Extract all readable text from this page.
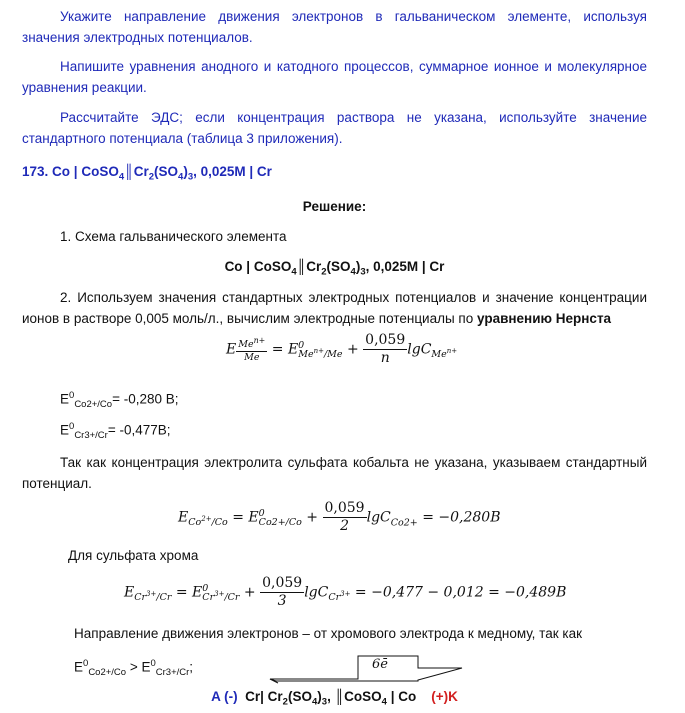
Укажите направление движения электронов в гальваническом элементе, используя значения электродных потенциалов.
Напишите уравнения анодного и катодного процессов, суммарное ионное и молекулярное уравнения реакции.
Рассчитайте ЭДС; если концентрация раствора не указана, используйте значение стандартного потенциала (таблица 3 приложения).
173. Co | $CoSO_4║Cr_2(SO_4)_3$, 0,025M | Cr
Решение:
1. Схема гальванического элемента
Co | $CoSO_4║Cr_2(SO_4)_3$, 0,025M | Cr
2. Используем значения стандартных электродных потенциалов и значение концентрации ионов в растворе 0,005 моль/л., вычислим электродные потенциалы по уравнению Нернста
E $\frac{Me^{n+}}{Me} = E^0_{Me^{n+}/Me} + \frac{0,059}{n} \lg C_{Me^{n+}}$
$E^0_{Co2+/Co}= -0,280$ В;
$E^0_{Cr3+/Cr}= -0,477В$;
Так как концентрация электролита сульфата кобальта не указана, указываем стандартный потенциал.
$E_{Co^{2+}/Co} = E^0_{Co2+/Co} + \frac{0,059}{2} \lg C_{Co2+} = -0,280B$
Для сульфата хрома
$E_{Cr^{3+}/Cr} = E^0_{Cr^{3+}/Cr} + \frac{0,059}{3} \lg C_{Cr^{3+}} = -0,477 - 0,012 = -0,489B$
Направление движения электронов – от хромового электрода к медному, так как
$E^0_{Co2+/Co} > E^0_{Cr3+/Cr}$;	6ē
A (-) Cr| $Cr_2(SO_4)_3$, ║CoSO$_4$ | Co (+)K
